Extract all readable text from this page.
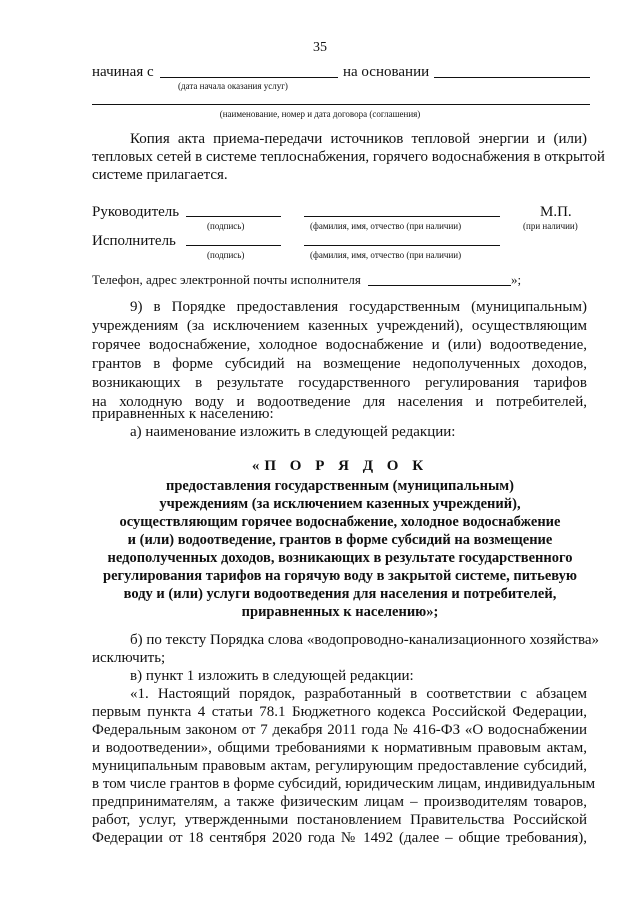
35
начиная с	на основании
(дата начала оказания услуг)
(наименование, номер и дата договора (соглашения)
Копия акта приема-передачи источников тепловой энергии и (или)
тепловых сетей в системе теплоснабжения, горячего водоснабжения в открытой
системе прилагается.
Руководитель	М.П.
(подпись)	(фамилия, имя, отчество (при наличии)	(при наличии)
Исполнитель
(подпись)	(фамилия, имя, отчество (при наличии)
Телефон, адрес электронной почты исполнителя	»;
9) в Порядке предоставления государственным (муниципальным)
учреждениям (за исключением казенных учреждений), осуществляющим
горячее водоснабжение, холодное водоснабжение и (или) водоотведение,
грантов в форме субсидий на возмещение недополученных доходов,
возникающих в результате государственного регулирования тарифов
на холодную воду и водоотведение для населения и потребителей,
приравненных к населению:
а) наименование изложить в следующей редакции:
«П О Р Я Д О К
предоставления государственным (муниципальным)
учреждениям (за исключением казенных учреждений),
осуществляющим горячее водоснабжение, холодное водоснабжение
и (или) водоотведение, грантов в форме субсидий на возмещение
недополученных доходов, возникающих в результате государственного
регулирования тарифов на горячую воду в закрытой системе, питьевую
воду и (или) услуги водоотведения для населения и потребителей,
приравненных к населению»;
б) по тексту Порядка слова «водопроводно-канализационного хозяйства»
исключить;
в) пункт 1 изложить в следующей редакции:
«1. Настоящий порядок, разработанный в соответствии с абзацем
первым пункта 4 статьи 78.1 Бюджетного кодекса Российской Федерации,
Федеральным законом от 7 декабря 2011 года № 416-ФЗ «О водоснабжении
и водоотведении», общими требованиями к нормативным правовым актам,
муниципальным правовым актам, регулирующим предоставление субсидий,
в том числе грантов в форме субсидий, юридическим лицам, индивидуальным
предпринимателям, а также физическим лицам – производителям товаров,
работ, услуг, утвержденными постановлением Правительства Российской
Федерации от 18 сентября 2020 года № 1492 (далее – общие требования),
